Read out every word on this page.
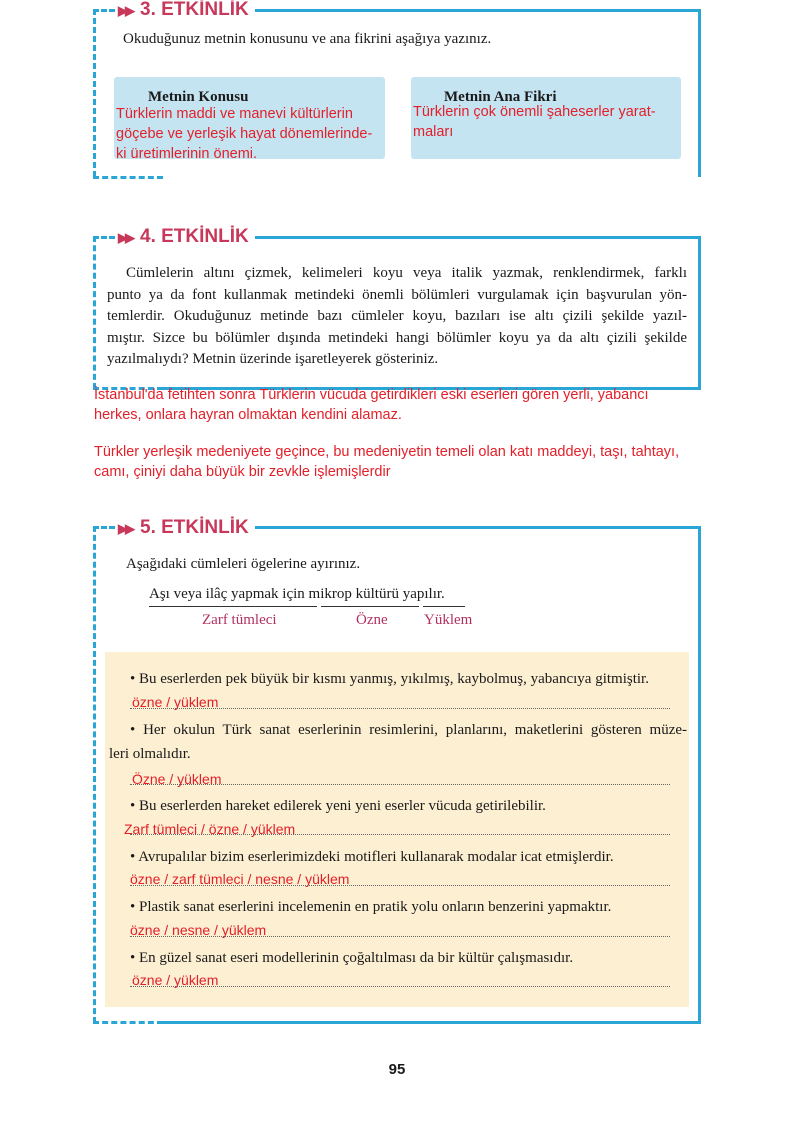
▶▶ 3. ETKİNLİK
Okuduğunuz metnin konusunu ve ana fikrini aşağıya yazınız.
Metnin Konusu
Türklerin maddi ve manevi kültürlerin
göçebe ve yerleşik hayat dönemlerinde-
ki üretimlerinin önemi.
Metnin Ana Fikri
Türklerin çok önemli şaheserler yarat-
maları
▶▶ 4. ETKİNLİK
Cümlelerin altını çizmek, kelimeleri koyu veya italik yazmak, renklendirmek, farklı
punto ya da font kullanmak metindeki önemli bölümleri vurgulamak için başvurulan yön-
temlerdir. Okuduğunuz metinde bazı cümleler koyu, bazıları ise altı çizili şekilde yazıl-
mıştır. Sizce bu bölümler dışında metindeki hangi bölümler koyu ya da altı çizili şekilde
yazılmalıydı? Metnin üzerinde işaretleyerek gösteriniz.
İstanbul'da fetihten sonra Türklerin vücuda getirdikleri eski eserleri gören yerli, yabancı
herkes, onlara hayran olmaktan kendini alamaz.
Türkler yerleşik medeniyete geçince, bu medeniyetin temeli olan katı maddeyi, taşı, tahtayı,
camı, çiniyi daha büyük bir zevkle işlemişlerdir
▶▶ 5. ETKİNLİK
Aşağıdaki cümleleri ögelerine ayırınız.
Aşı veya ilâç yapmak için mikrop kültürü yapılır.
Zarf tümleci	Özne Yüklem
• Bu eserlerden pek büyük bir kısmı yanmış, yıkılmış, kaybolmuş, yabancıya gitmiştir.
özne / yüklem
• Her okulun Türk sanat eserlerinin resimlerini, planlarını, maketlerini gösteren müze-
leri olmalıdır.
Özne / yüklem
• Bu eserlerden hareket edilerek yeni yeni eserler vücuda getirilebilir.
Zarf tümleci / özne / yüklem
• Avrupalılar bizim eserlerimizdeki motifleri kullanarak modalar icat etmişlerdir.
özne / zarf tümleci / nesne / yüklem
• Plastik sanat eserlerini incelemenin en pratik yolu onların benzerini yapmaktır.
özne / nesne / yüklem
• En güzel sanat eseri modellerinin çoğaltılması da bir kültür çalışmasıdır.
özne / yüklem
95
